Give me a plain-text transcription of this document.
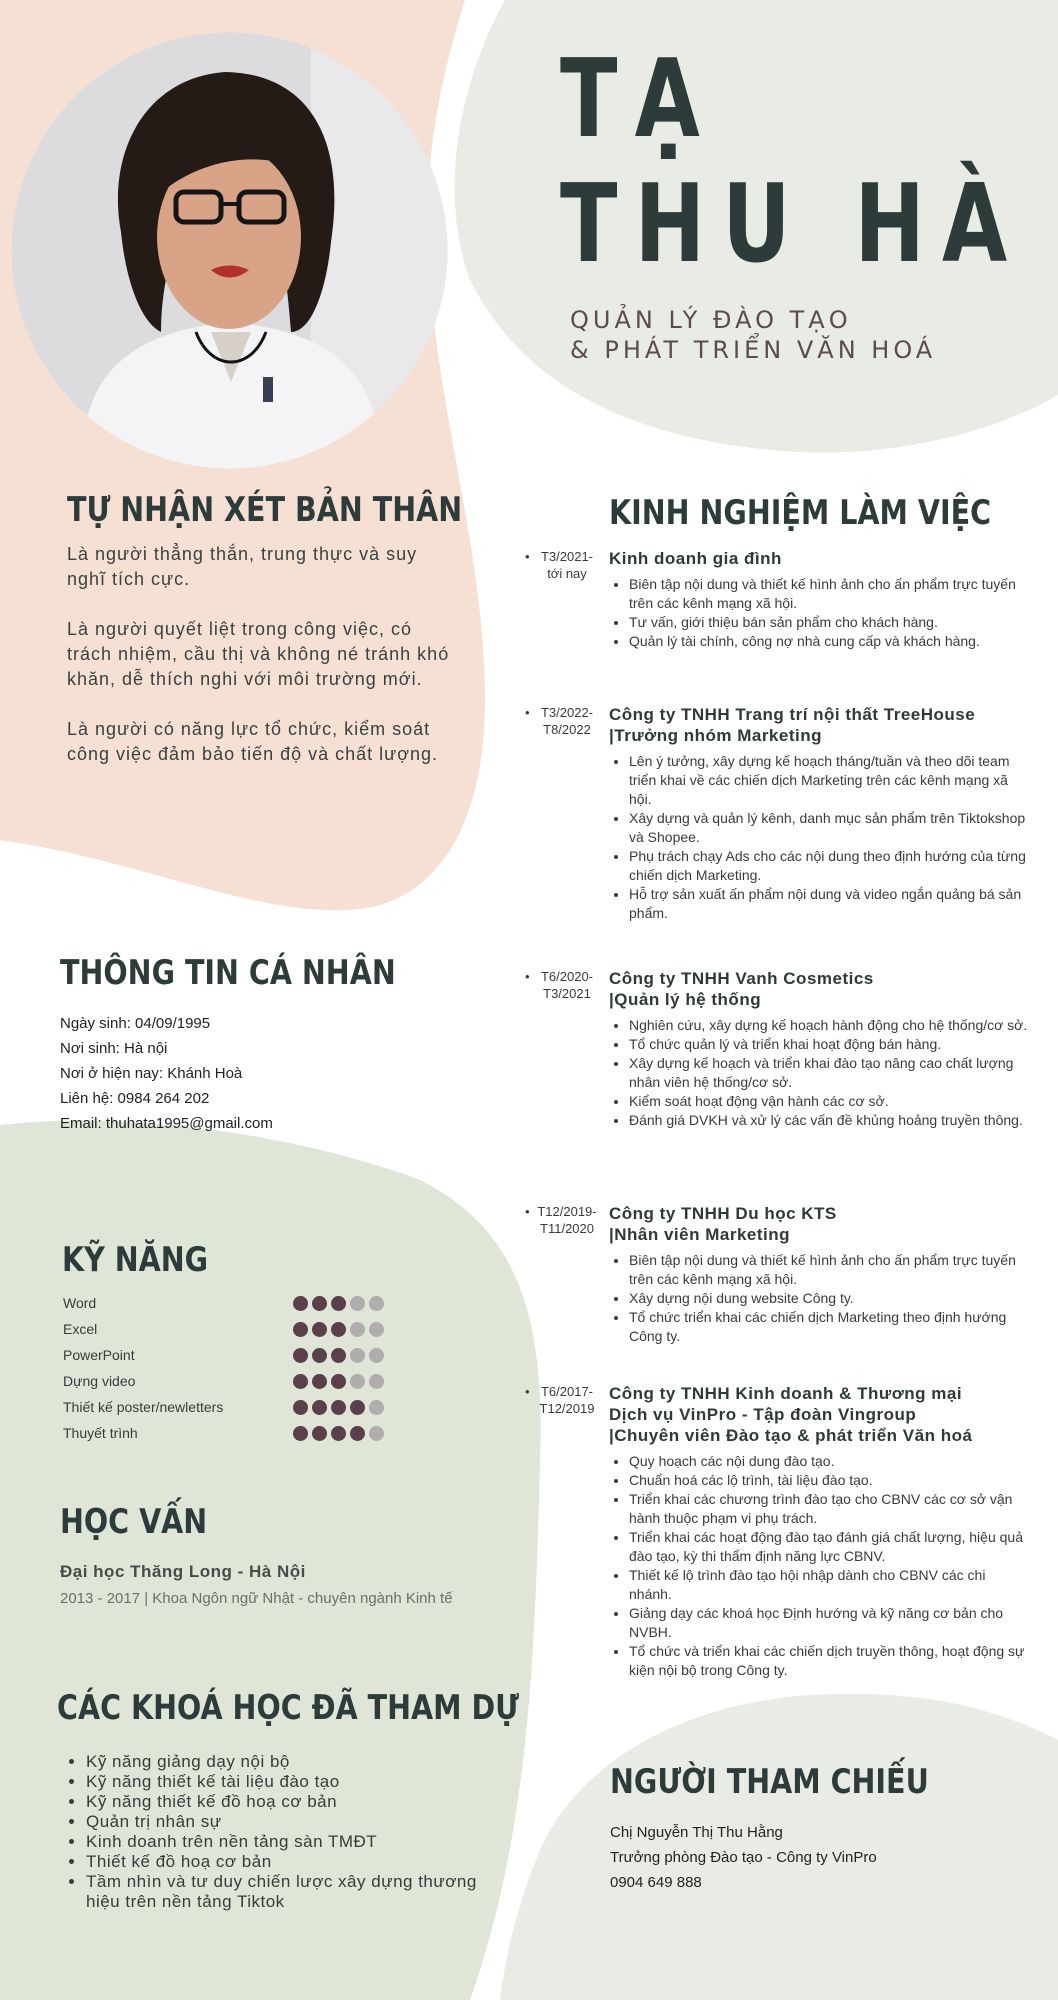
TẠ
THU HÀ
QUẢN LÝ ĐÀO TẠO
& PHÁT TRIỂN VĂN HOÁ
TỰ NHẬN XÉT BẢN THÂN

Là người thẳng thắn, trung thực và suy nghĩ tích cực.

Là người quyết liệt trong công việc, có trách nhiệm, cầu thị và không né tránh khó khăn, dễ thích nghi với môi trường mới.

Là người có năng lực tổ chức, kiểm soát công việc đảm bảo tiến độ và chất lượng.

THÔNG TIN CÁ NHÂN
Ngày sinh: 04/09/1995
Nơi sinh: Hà nội
Nơi ở hiện nay: Khánh Hoà
Liên hệ: 0984 264 202
Email: thuhata1995@gmail.com
KỸ NĂNG
Word
Excel
PowerPoint
Dựng video
Thiết kế poster/newletters
Thuyết trình
HỌC VẤN
Đại học Thăng Long - Hà Nội
2013 - 2017 | Khoa Ngôn ngữ Nhật - chuyên ngành Kinh tế
CÁC KHOÁ HỌC ĐÃ THAM DỰ
• Kỹ năng giảng dạy nội bộ
• Kỹ năng thiết kế tài liệu đào tạo
• Kỹ năng thiết kế đồ hoạ cơ bản
• Quản trị nhân sự
• Kinh doanh trên nền tảng sàn TMĐT
• Thiết kế đồ hoạ cơ bản
• Tầm nhìn và tư duy chiến lược xây dựng thương hiệu trên nền tảng Tiktok
KINH NGHIỆM LÀM VIỆC
• T3/2021-
tới nay
Kinh doanh gia đình
• Biên tập nội dung và thiết kế hình ảnh cho ấn phẩm trực tuyến trên các kênh mạng xã hội.
• Tư vấn, giới thiệu bán sản phẩm cho khách hàng.
• Quản lý tài chính, công nợ nhà cung cấp và khách hàng.
• T3/2022-
T8/2022
Công ty TNHH Trang trí nội thất TreeHouse
|Trưởng nhóm Marketing
• Lên ý tưởng, xây dựng kế hoạch tháng/tuần và theo dõi team triển khai về các chiến dịch Marketing trên các kênh mạng xã hội.
• Xây dựng và quản lý kênh, danh mục sản phẩm trên Tiktokshop và Shopee.
• Phụ trách chạy Ads cho các nội dung theo định hướng của từng chiến dịch Marketing.
• Hỗ trợ sản xuất ấn phẩm nội dung và video ngắn quảng bá sản phẩm.
• T6/2020-
T3/2021
Công ty TNHH Vanh Cosmetics
|Quản lý hệ thống
• Nghiên cứu, xây dựng kế hoạch hành động cho hệ thống/cơ sở.
• Tổ chức quản lý và triển khai hoạt động bán hàng.
• Xây dựng kế hoạch và triển khai đào tạo nâng cao chất lượng nhân viên hệ thống/cơ sở.
• Kiểm soát hoạt động vận hành các cơ sở.
• Đánh giá DVKH và xử lý các vấn đề khủng hoảng truyền thông.
• T12/2019-
T11/2020
Công ty TNHH Du học KTS
|Nhân viên Marketing
• Biên tập nội dung và thiết kế hình ảnh cho ấn phẩm trực tuyến trên các kênh mạng xã hội.
• Xây dựng nội dung website Công ty.
• Tổ chức triển khai các chiến dịch Marketing theo định hướng Công ty.
• T6/2017-
T12/2019
Công ty TNHH Kinh doanh & Thương mại
Dịch vụ VinPro - Tập đoàn Vingroup
|Chuyên viên Đào tạo & phát triển Văn hoá
• Quy hoạch các nội dung đào tạo.
• Chuẩn hoá các lộ trình, tài liệu đào tạo.
• Triển khai các chương trình đào tạo cho CBNV các cơ sở vận hành thuộc phạm vi phụ trách.
• Triển khai các hoạt động đào tạo đánh giá chất lượng, hiệu quả đào tạo, kỳ thi thẩm định năng lực CBNV.
• Thiết kế lộ trình đào tạo hội nhập dành cho CBNV các chi nhánh.
• Giảng dạy các khoá học Định hướng và kỹ năng cơ bản cho NVBH.
• Tổ chức và triển khai các chiến dịch truyền thông, hoạt động sự kiện nội bộ trong Công ty.
NGƯỜI THAM CHIẾU
Chị Nguyễn Thị Thu Hằng
Trưởng phòng Đào tạo - Công ty VinPro
0904 649 888
